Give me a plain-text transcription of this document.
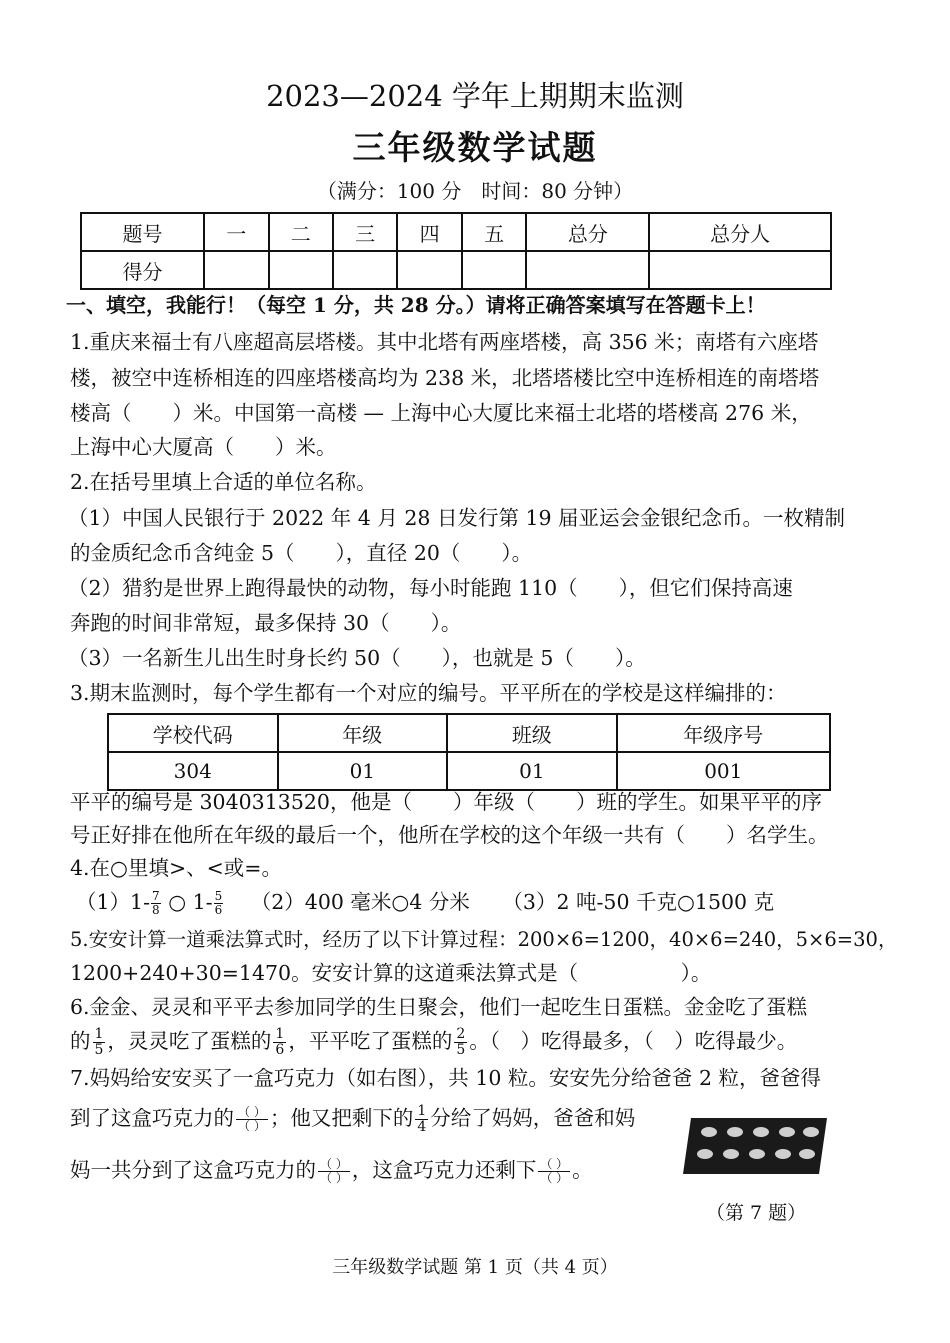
2023—2024 学年上期期末监测
三年级数学试题
（满分：100 分　时间：80 分钟）
题号	一	二	三	四	五	总分	总分人
得分							
一、填空，我能行！（每空 1 分，共 28 分。）请将正确答案填写在答题卡上！
1.重庆来福士有八座超高层塔楼。其中北塔有两座塔楼，高 356 米；南塔有六座塔
楼，被空中连桥相连的四座塔楼高均为 238 米，北塔塔楼比空中连桥相连的南塔塔
楼高（　　）米。中国第一高楼 — 上海中心大厦比来福士北塔的塔楼高 276 米，
上海中心大厦高（　　）米。
2.在括号里填上合适的单位名称。
（1）中国人民银行于 2022 年 4 月 28 日发行第 19 届亚运会金银纪念币。一枚精制
的金质纪念币含纯金 5（　　），直径 20（　　）。
（2）猎豹是世界上跑得最快的动物，每小时能跑 110（　　），但它们保持高速
奔跑的时间非常短，最多保持 30（　　）。
（3）一名新生儿出生时身长约 50（　　），也就是 5（　　）。
3.期末监测时，每个学生都有一个对应的编号。平平所在的学校是这样编排的：
学校代码	年级	班级	年级序号
304	01	01	001
平平的编号是 3040313520，他是（　　）年级（　　）班的学生。如果平平的序
号正好排在他所在年级的最后一个，他所在学校的这个年级一共有（　　）名学生。
4.在○里填>、<或=。
$(1)1- \frac{7}{8}$ ○ $1- \frac{5}{6} (2)400$ 毫米○4 分米 （3）2 吨-50 千克○1500 克
5.安安计算一道乘法算式时，经历了以下计算过程：200×6=1200，40×6=240，5×6=30，
1200+240+30=1470。安安计算的这道乘法算式是（　　　　　）。
6.金金、灵灵和平平去参加同学的生日聚会，他们一起吃生日蛋糕。金金吃了蛋糕
的 $\frac{1}{5}$ ，灵灵吃了蛋糕的 $\frac{1}{6}$ ，平平吃了蛋糕的 $\frac{2}{5}$ 。（　）吃得最多，（　）吃得最少。
7.妈妈给安安买了一盒巧克力（如右图），共 10 粒。安安先分给爸爸 2 粒，爸爸得
到了这盒巧克力的 （ ）
（ ） ；他又把剩下的 $\frac{1}{4}$ 分给了妈妈，爸爸和妈
妈一共分到了这盒巧克力的 （ ）
（ ） ，这盒巧克力还剩下 （ ）
（ ） 。
（第 7 题）
三年级数学试题 第 1 页（共 4 页）
